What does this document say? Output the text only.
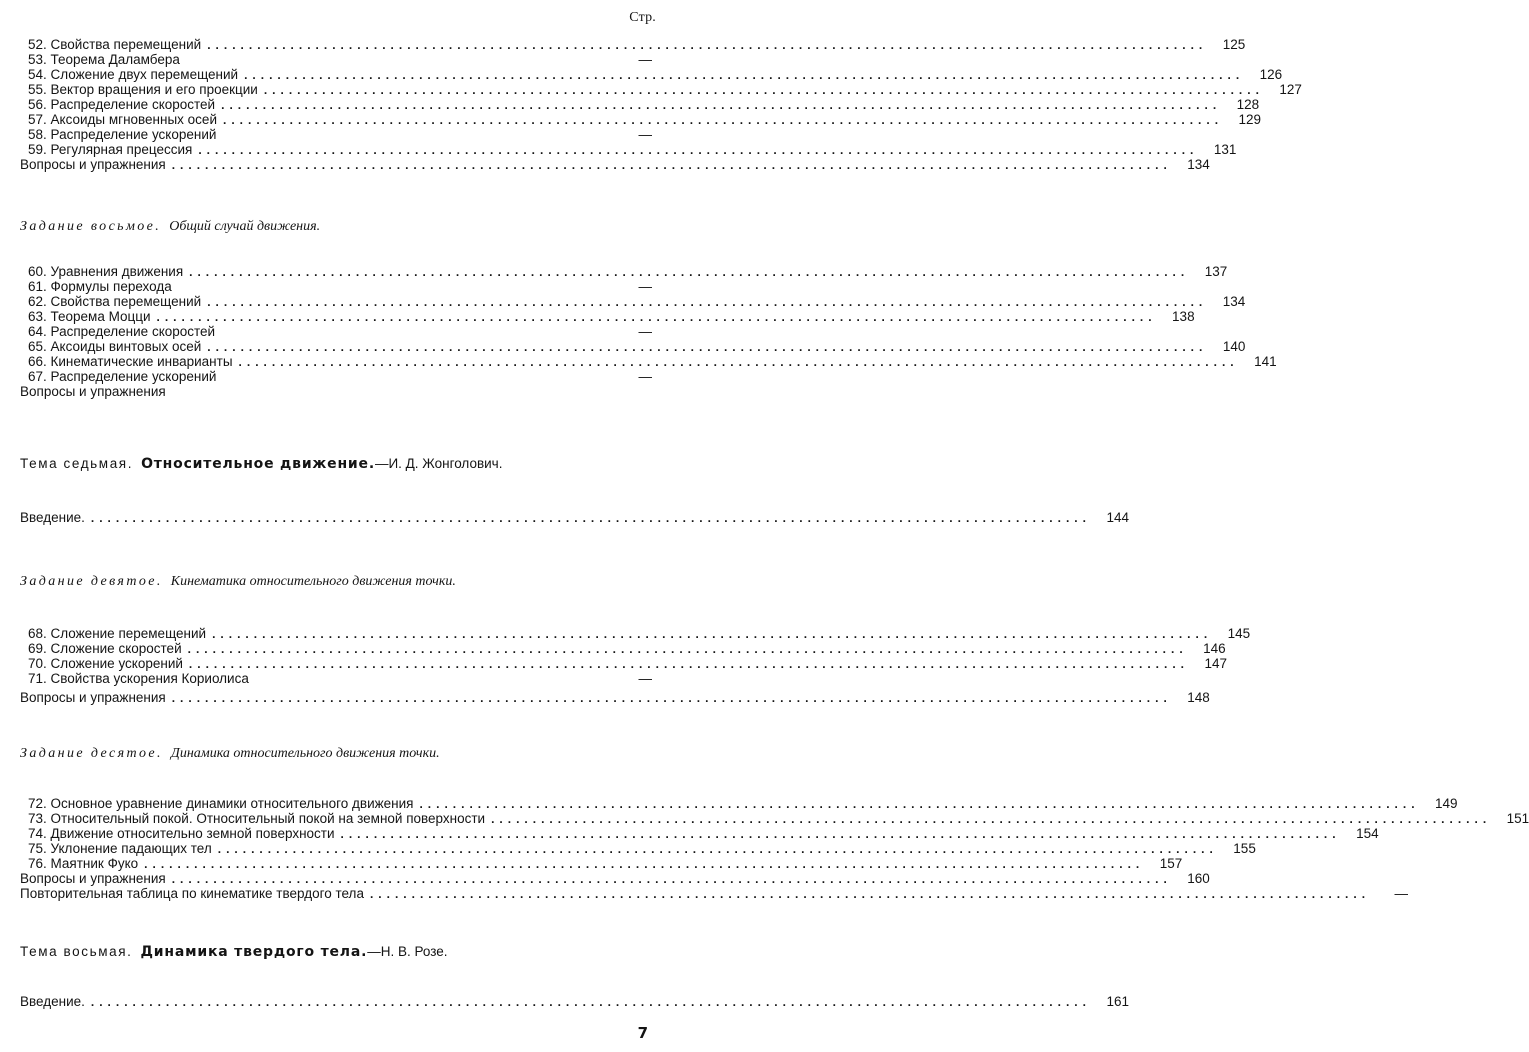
Стр.
52. Свойства перемещений ........................................................................................................................	125
53. Теорема Даламбера	—
54. Сложение двух перемещений ........................................................................................................................	126
55. Вектор вращения и его проекции ........................................................................................................................	127
56. Распределение скоростей ........................................................................................................................	128
57. Аксоиды мгновенных осей ........................................................................................................................	129
58. Распределение ускорений	—
59. Регулярная прецессия ........................................................................................................................	131
Вопросы и упражнения ........................................................................................................................	134
Задание восьмое. Общий случай движения.
60. Уравнения движения ........................................................................................................................	137
61. Формулы перехода	—
62. Свойства перемещений ........................................................................................................................	134
63. Теорема Моцци ........................................................................................................................	138
64. Распределение скоростей	—
65. Аксоиды винтовых осей ........................................................................................................................	140
66. Кинематические инварианты ........................................................................................................................	141
67. Распределение ускорений	—
Вопросы и упражнения
Тема седьмая. Относительное движение.—И. Д. Жонголович.
Введение. ........................................................................................................................	144
Задание девятое. Кинематика относительного движения точки.
68. Сложение перемещений ........................................................................................................................	145
69. Сложение скоростей ........................................................................................................................	146
70. Сложение ускорений ........................................................................................................................	147
71. Свойства ускорения Кориолиса	—
Вопросы и упражнения ........................................................................................................................	148
Задание десятое. Динамика относительного движения точки.
72. Основное уравнение динамики относительного движения ........................................................................................................................	149
73. Относительный покой. Относительный покой на земной поверхности ........................................................................................................................	151
74. Движение относительно земной поверхности ........................................................................................................................	154
75. Уклонение падающих тел ........................................................................................................................	155
76. Маятник Фуко ........................................................................................................................	157
Вопросы и упражнения ........................................................................................................................	160
Повторительная таблица по кинематике твердого тела ........................................................................................................................	—
Тема восьмая. Динамика твердого тела.—Н. В. Розе.
Введение. ........................................................................................................................	161
7
